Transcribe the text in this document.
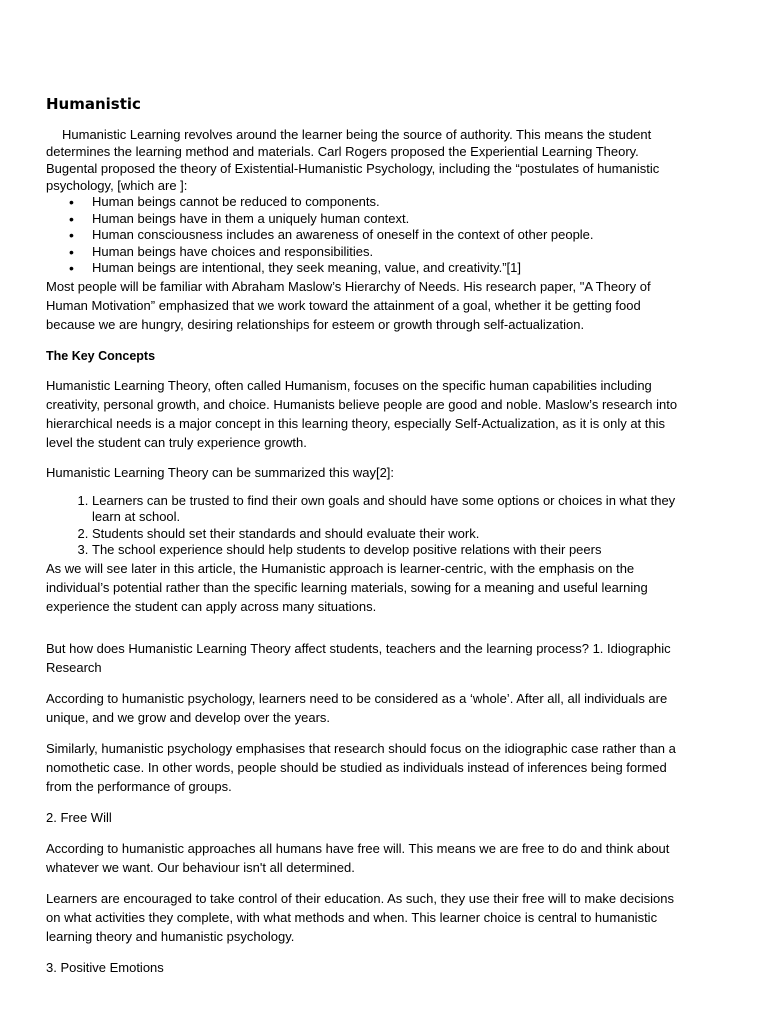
Humanistic

Humanistic Learning revolves around the learner being the source of authority. This means the student determines the learning method and materials. Carl Rogers proposed the Experiential Learning Theory. Bugental proposed the theory of Existential-Humanistic Psychology, including the “postulates of humanistic psychology, [which are ]:

• Human beings cannot be reduced to components.
• Human beings have in them a uniquely human context.
• Human consciousness includes an awareness of oneself in the context of other people.
• Human beings have choices and responsibilities.
• Human beings are intentional, they seek meaning, value, and creativity.”[1]

Most people will be familiar with Abraham Maslow’s Hierarchy of Needs. His research paper, "A Theory of Human Motivation” emphasized that we work toward the attainment of a goal, whether it be getting food because we are hungry, desiring relationships for esteem or growth through self-actualization.

The Key Concepts

Humanistic Learning Theory, often called Humanism, focuses on the specific human capabilities including creativity, personal growth, and choice. Humanists believe people are good and noble. Maslow’s research into hierarchical needs is a major concept in this learning theory, especially Self-Actualization, as it is only at this level the student can truly experience growth.

Humanistic Learning Theory can be summarized this way[2]:

1. Learners can be trusted to find their own goals and should have some options or choices in what they learn at school.
2. Students should set their standards and should evaluate their work.
3. The school experience should help students to develop positive relations with their peers

As we will see later in this article, the Humanistic approach is learner-centric, with the emphasis on the individual’s potential rather than the specific learning materials, sowing for a meaning and useful learning experience the student can apply across many situations.

But how does Humanistic Learning Theory affect students, teachers and the learning process? 1. Idiographic Research

According to humanistic psychology, learners need to be considered as a ‘whole’. After all, all individuals are unique, and we grow and develop over the years.

Similarly, humanistic psychology emphasises that research should focus on the idiographic case rather than a nomothetic case. In other words, people should be studied as individuals instead of inferences being formed from the performance of groups.

2. Free Will

According to humanistic approaches all humans have free will. This means we are free to do and think about whatever we want. Our behaviour isn't all determined.

Learners are encouraged to take control of their education. As such, they use their free will to make decisions on what activities they complete, with what methods and when. This learner choice is central to humanistic learning theory and humanistic psychology.

3. Positive Emotions
